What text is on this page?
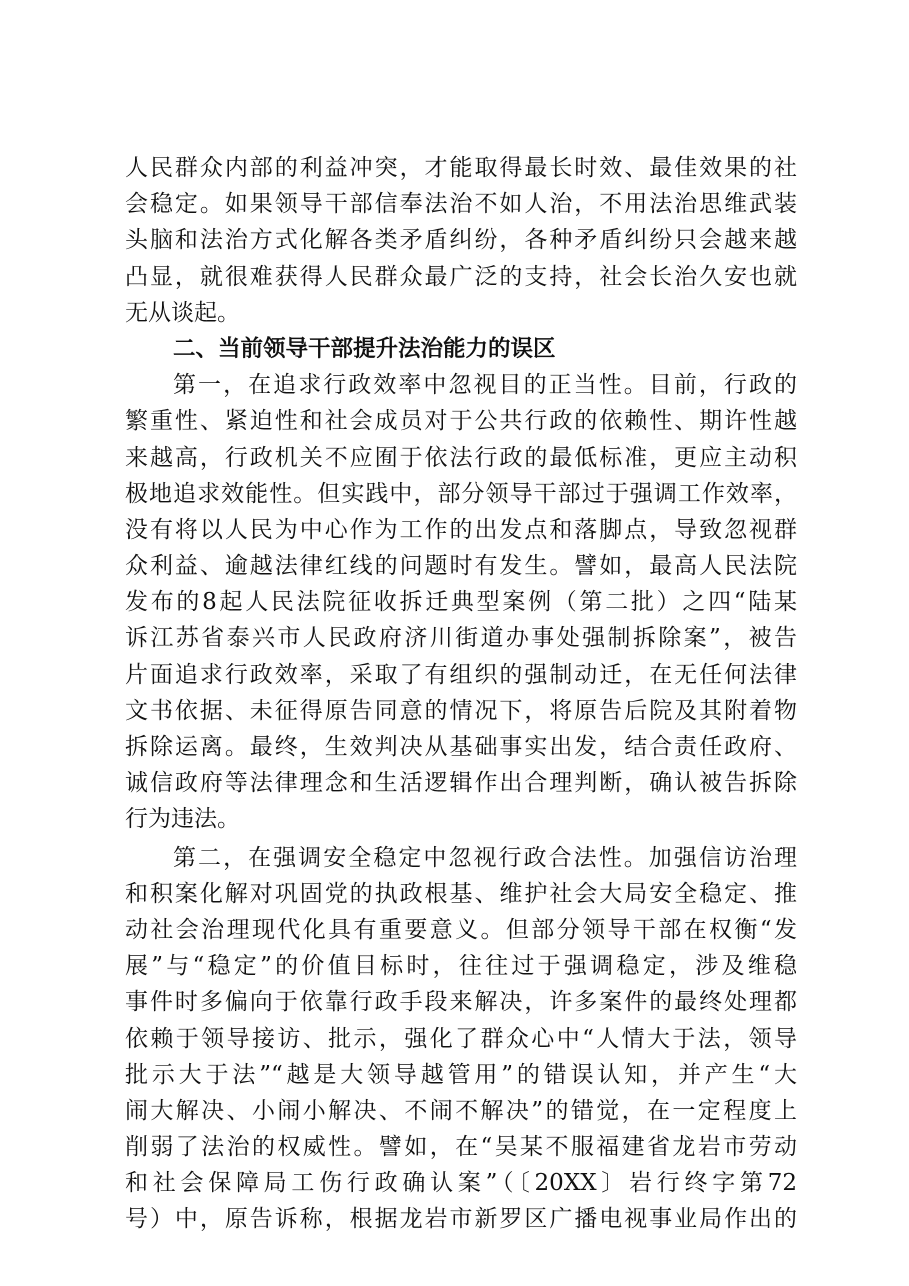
人民群众内部的利益冲突，才能取得最长时效、最佳效果的社
会稳定。如果领导干部信奉法治不如人治，不用法治思维武装
头脑和法治方式化解各类矛盾纠纷，各种矛盾纠纷只会越来越
凸显，就很难获得人民群众最广泛的支持，社会长治久安也就
无从谈起。
二、当前领导干部提升法治能力的误区
第一，在追求行政效率中忽视目的正当性。目前，行政的
繁重性、紧迫性和社会成员对于公共行政的依赖性、期许性越
来越高，行政机关不应囿于依法行政的最低标准，更应主动积
极地追求效能性。但实践中，部分领导干部过于强调工作效率，
没有将以人民为中心作为工作的出发点和落脚点，导致忽视群
众利益、逾越法律红线的问题时有发生。譬如，最高人民法院
发布的8起人民法院征收拆迁典型案例（第二批）之四“陆某
诉江苏省泰兴市人民政府济川街道办事处强制拆除案”，被告
片面追求行政效率，采取了有组织的强制动迁，在无任何法律
文书依据、未征得原告同意的情况下，将原告后院及其附着物
拆除运离。最终，生效判决从基础事实出发，结合责任政府、
诚信政府等法律理念和生活逻辑作出合理判断，确认被告拆除
行为违法。
第二，在强调安全稳定中忽视行政合法性。加强信访治理
和积案化解对巩固党的执政根基、维护社会大局安全稳定、推
动社会治理现代化具有重要意义。但部分领导干部在权衡“发
展”与“稳定”的价值目标时，往往过于强调稳定，涉及维稳
事件时多偏向于依靠行政手段来解决，许多案件的最终处理都
依赖于领导接访、批示，强化了群众心中“人情大于法，领导
批示大于法”“越是大领导越管用”的错误认知，并产生“大
闹大解决、小闹小解决、不闹不解决”的错觉，在一定程度上
削弱了法治的权威性。譬如，在“吴某不服福建省龙岩市劳动
和社会保障局工伤行政确认案”（〔20XX〕岩行终字第72
号）中，原告诉称，根据龙岩市新罗区广播电视事业局作出的
